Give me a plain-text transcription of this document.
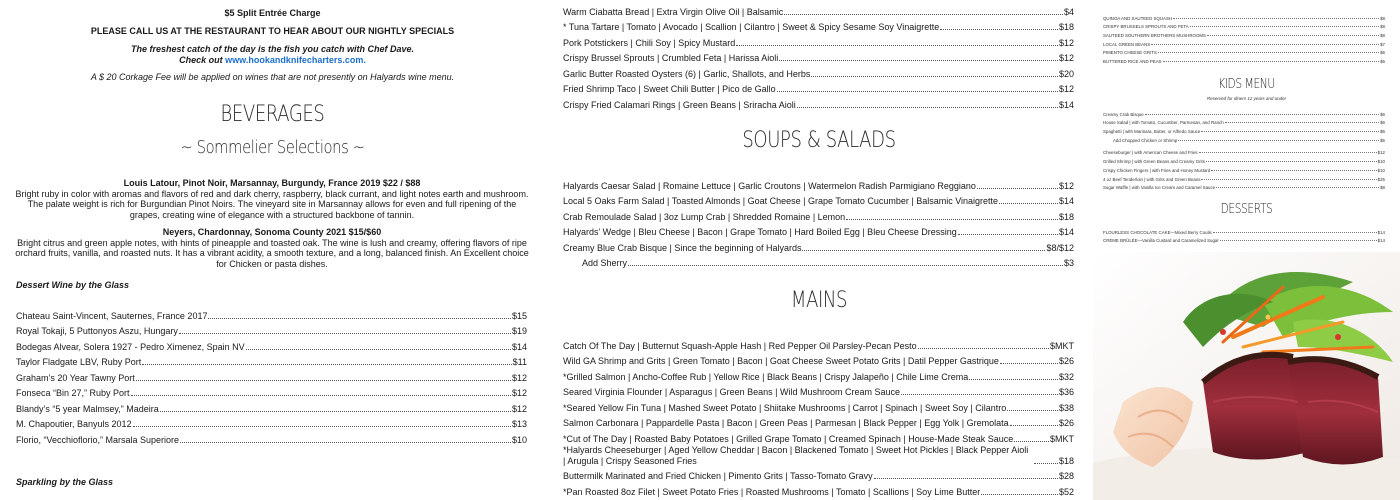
$5 Split Entrée Charge
PLEASE CALL US AT THE RESTAURANT TO HEAR ABOUT OUR NIGHTLY SPECIALS
The freshest catch of the day is the fish you catch with Chef Dave.
Check out www.hookandknifecharters.com.
A $ 20 Corkage Fee will be applied on wines that are not presently on Halyards wine menu.
BEVERAGES
~ Sommelier Selections ~
Louis Latour, Pinot Noir, Marsannay, Burgundy, France 2019 $22 / $88
Bright ruby in color with aromas and flavors of red and dark cherry, raspberry, black currant, and light notes earth and mushroom. The palate weight is rich for Burgundian Pinot Noirs. The vineyard site in Marsannay allows for even and full ripening of the grapes, creating wine of elegance with a structured backbone of tannin.
Neyers, Chardonnay, Sonoma County 2021 $15/$60
Bright citrus and green apple notes, with hints of pineapple and toasted oak. The wine is lush and creamy, offering flavors of ripe orchard fruits, vanilla, and roasted nuts. It has a vibrant acidity, a smooth texture, and a long, balanced finish. An Excellent choice for Chicken or pasta dishes.
Dessert Wine by the Glass
Chateau Saint-Vincent, Sauternes, France 2017	$15
Royal Tokaji, 5 Puttonyos Aszu, Hungary	$19
Bodegas Alvear, Solera 1927 - Pedro Ximenez, Spain NV	$14
Taylor Fladgate LBV, Ruby Port	$11
Graham’s 20 Year Tawny Port	$12
Fonseca “Bin 27,” Ruby Port	$12
Blandy’s “5 year Malmsey,” Madeira	$12
M. Chapoutier, Banyuls 2012	$13
Florio, “Vecchioflorio,” Marsala Superiore	$10
Sparkling by the Glass
Warm Ciabatta Bread | Extra Virgin Olive Oil | Balsamic	$4
* Tuna Tartare | Tomato | Avocado | Scallion | Cilantro | Sweet & Spicy Sesame Soy Vinaigrette	$18
Pork Potstickers | Chili Soy | Spicy Mustard	$12
Crispy Brussel Sprouts | Crumbled Feta | Harissa Aioli	$12
Garlic Butter Roasted Oysters (6) | Garlic, Shallots, and Herbs	$20
Fried Shrimp Taco | Sweet Chili Butter | Pico de Gallo	$12
Crispy Fried Calamari Rings | Green Beans | Sriracha Aioli	$14
SOUPS & SALADS
Halyards Caesar Salad | Romaine Lettuce | Garlic Croutons | Watermelon Radish Parmigiano Reggiano	$12
Local 5 Oaks Farm Salad | Toasted Almonds | Goat Cheese | Grape Tomato Cucumber | Balsamic Vinaigrette	$14
Crab Remoulade Salad | 3oz Lump Crab | Shredded Romaine | Lemon	$18
Halyards’ Wedge | Bleu Cheese | Bacon | Grape Tomato | Hard Boiled Egg | Bleu Cheese Dressing	$14
Creamy Blue Crab Bisque | Since the beginning of Halyards	$8/$12
Add Sherry	$3
MAINS
Catch Of The Day | Butternut Squash-Apple Hash | Red Pepper Oil Parsley-Pecan Pesto	$MKT
Wild GA Shrimp and Grits | Green Tomato | Bacon | Goat Cheese Sweet Potato Grits | Datil Pepper Gastrique	$26
*Grilled Salmon | Ancho-Coffee Rub | Yellow Rice | Black Beans | Crispy Jalapeño | Chile Lime Crema	$32
Seared Virginia Flounder | Asparagus | Green Beans | Wild Mushroom Cream Sauce	$36
*Seared Yellow Fin Tuna | Mashed Sweet Potato | Shiitake Mushrooms | Carrot | Spinach | Sweet Soy | Cilantro	$38
Salmon Carbonara | Pappardelle Pasta | Bacon | Green Peas | Parmesan | Black Pepper | Egg Yolk | Gremolata	$26
*Cut of The Day | Roasted Baby Potatoes | Grilled Grape Tomato | Creamed Spinach | House-Made Steak Sauce	$MKT
*Halyards Cheeseburger | Aged Yellow Cheddar | Bacon | Blackened Tomato | Sweet Hot Pickles | Black Pepper Aioli | Arugula | Crispy Seasoned Fries	$18
Buttermilk Marinated and Fried Chicken | Pimento Grits | Tasso-Tomato Gravy	$28
*Pan Roasted 8oz Filet | Sweet Potato Fries | Roasted Mushrooms | Tomato | Scallions | Soy Lime Butter	$52
QUINOA AND SAUTEED SQUASH	$8
CRISPY BRUSSELS SPROUTS AND FETA	$8
SAUTEED SOUTHERN BROTHERS MUSHROOMS	$8
LOCAL GREEN BEANS	$7
PIMENTO CHEESE GRITS	$6
BUTTERED RICE AND PEAS	$6
KIDS MENU
Reserved for diners 12 years and under
Creamy Crab Bisque	$6
House Salad | with Tomato, Cucumber, Parmesan, and Ranch	$6
Spaghetti | with Marinara, Butter, or Alfredo Sauce	$6
Add Chopped Chicken or Shrimp	$5
Cheeseburger | with American Cheese and Fries	$12
Grilled Shrimp | with Green Beans and Creamy Grits	$10
Crispy Chicken Fingers | with Fries and Honey Mustard	$10
4 oz Beef Tenderloin | with Grits and Green Beans	$25
Sugar Waffle | with Vanilla Ice Cream and Caramel Sauce	$8
DESSERTS
FLOURLESS CHOCOLATE CAKE—Mixed Berry Coulis	$14
CRÈME BRÛLÉE—Vanilla Custard and Caramelized Sugar	$14
